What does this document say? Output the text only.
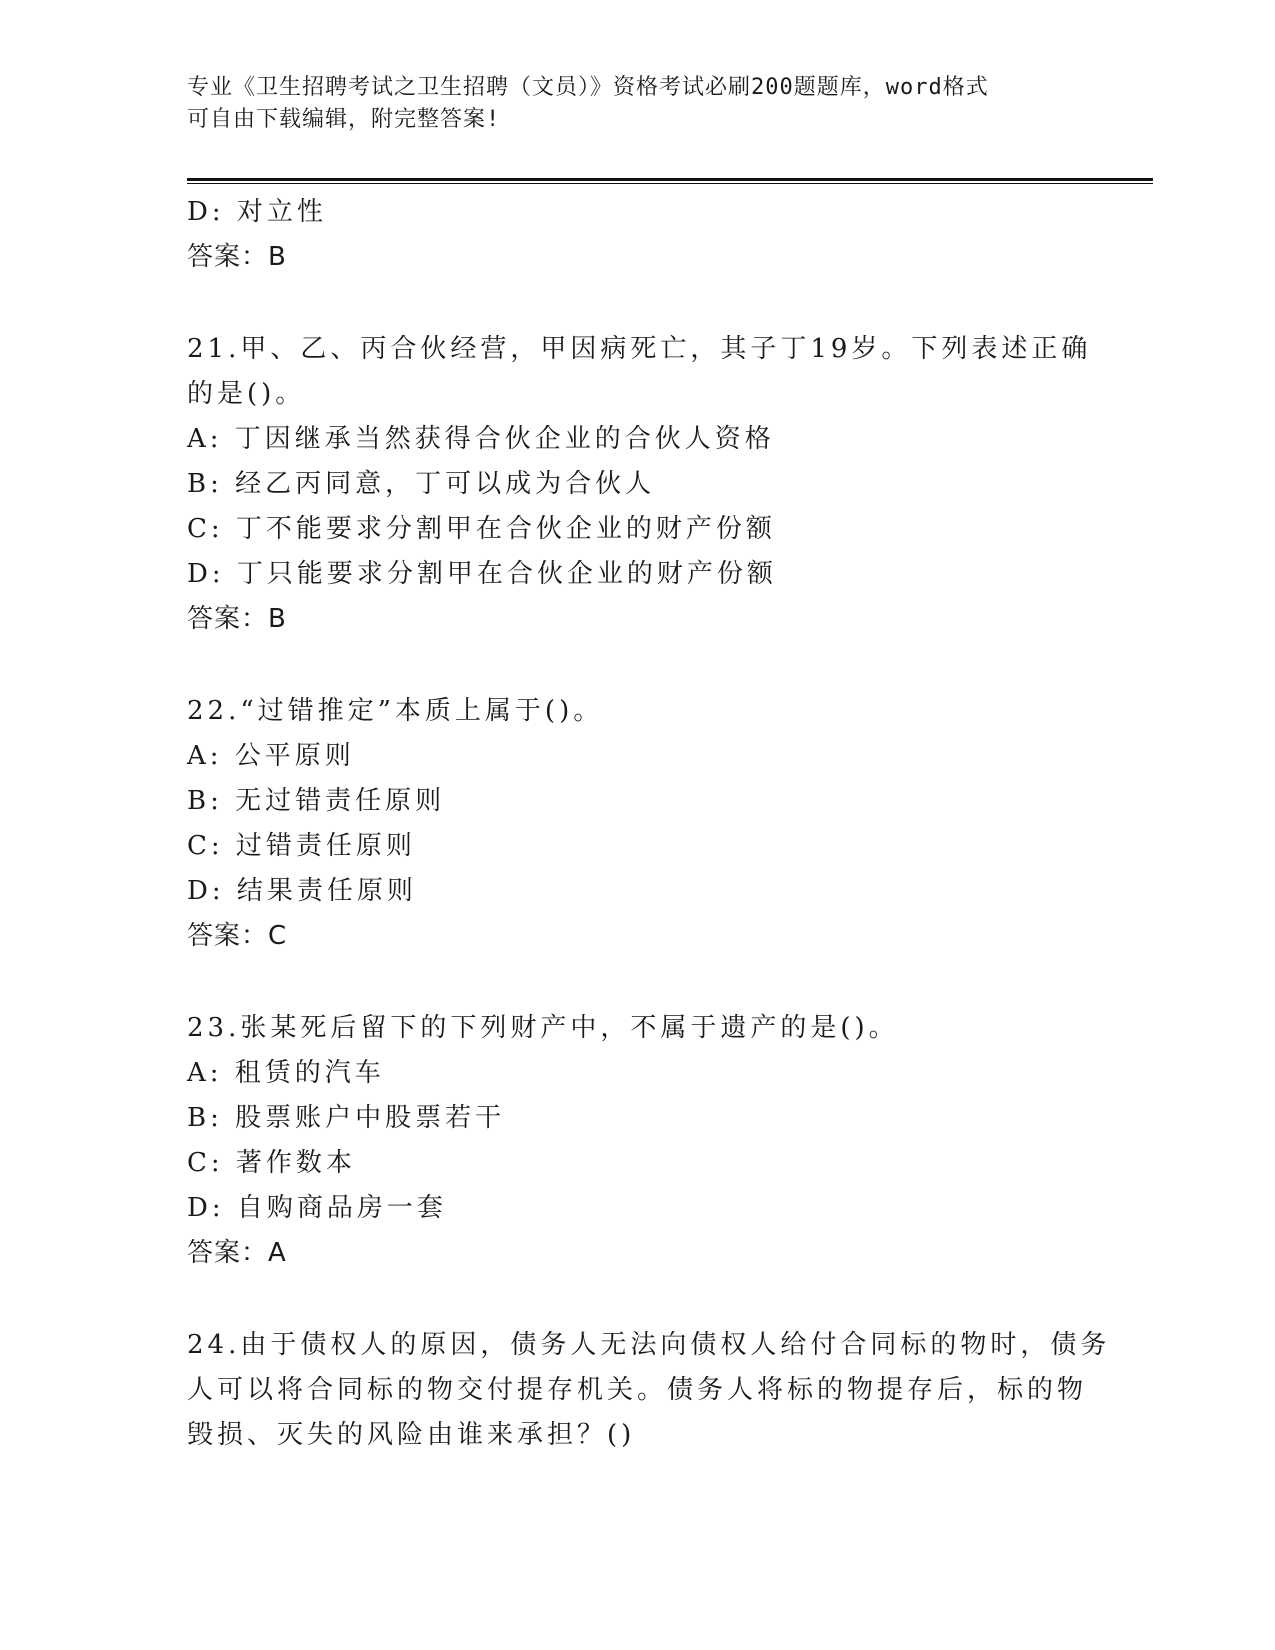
专业《卫生招聘考试之卫生招聘（文员）》资格考试必刷200题题库，word格式
可自由下载编辑，附完整答案!
D: 对立性
答案：B
21.甲、乙、丙合伙经营，甲因病死亡，其子丁19岁。下列表述正确
的是()。
A: 丁因继承当然获得合伙企业的合伙人资格
B: 经乙丙同意，丁可以成为合伙人
C: 丁不能要求分割甲在合伙企业的财产份额
D: 丁只能要求分割甲在合伙企业的财产份额
答案：B
22.“过错推定”本质上属于()。
A: 公平原则
B: 无过错责任原则
C: 过错责任原则
D: 结果责任原则
答案：C
23.张某死后留下的下列财产中，不属于遗产的是()。
A: 租赁的汽车
B: 股票账户中股票若干
C: 著作数本
D: 自购商品房一套
答案：A
24.由于债权人的原因，债务人无法向债权人给付合同标的物时，债务
人可以将合同标的物交付提存机关。债务人将标的物提存后，标的物
毁损、灭失的风险由谁来承担？()
